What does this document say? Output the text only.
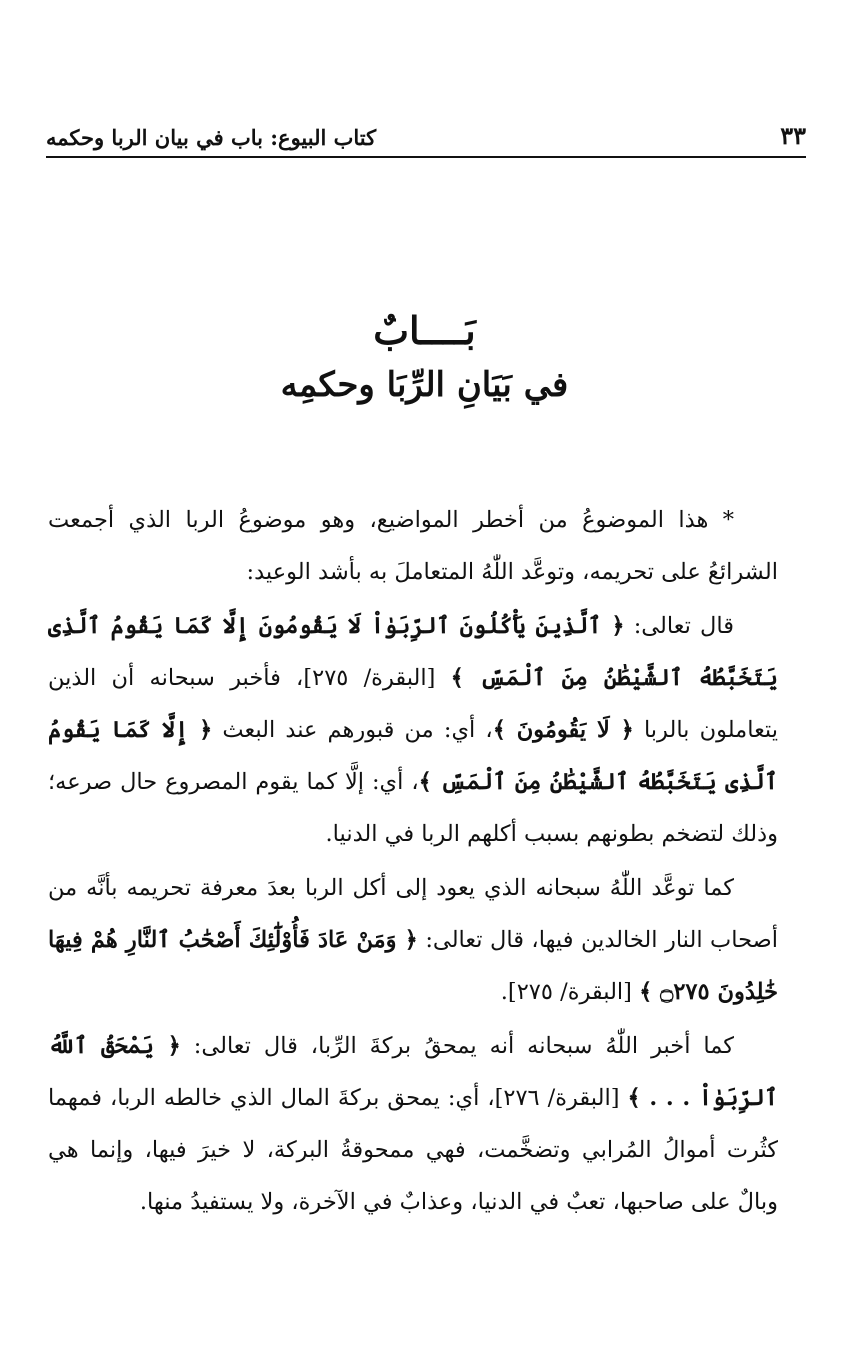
كتاب البيوع: باب في بيان الربا وحكمه	٣٣
بَــــابٌ
في بَيَانِ الرِّبَا وحكمِه

* هذا الموضوعُ من أخطر المواضيع، وهو موضوعُ الربا الذي أجمعت الشرائعُ على تحريمه، وتوعَّد اللّٰهُ المتعاملَ به بأشد الوعيد:

قال تعالى: ﴿ ٱلَّذِينَ يَأْكُلُونَ ٱلرِّبَوٰاْ لَا يَقُومُونَ إِلَّا كَمَا يَقُومُ ٱلَّذِى يَتَخَبَّطُهُ ٱلشَّيْطَٰنُ مِنَ ٱلْمَسِّ ﴾ [البقرة/ ٢٧٥]، فأخبر سبحانه أن الذين يتعاملون بالربا ﴿ لَا يَقُومُونَ ﴾، أي: من قبورهم عند البعث ﴿ إِلَّا كَمَا يَقُومُ ٱلَّذِى يَتَخَبَّطُهُ ٱلشَّيْطَٰنُ مِنَ ٱلْمَسِّ ﴾، أي: إلَّا كما يقوم المصروع حال صرعه؛ وذلك لتضخم بطونهم بسبب أكلهم الربا في الدنيا.

كما توعَّد اللّٰهُ سبحانه الذي يعود إلى أكل الربا بعدَ معرفة تحريمه بأنَّه من أصحاب النار الخالدين فيها، قال تعالى: ﴿ وَمَنْ عَادَ فَأُوْلَٰٓئِكَ أَصْحَٰبُ ٱلنَّارِ هُمْ فِيهَا خَٰلِدُونَ ۝٢٧٥ ﴾ [البقرة/ ٢٧٥].

كما أخبر اللّٰهُ سبحانه أنه يمحقُ بركةَ الرِّبا، قال تعالى: ﴿ يَمْحَقُ ٱللَّهُ ٱلرِّبَوٰاْ . . . ﴾ [البقرة/ ٢٧٦]، أي: يمحق بركةَ المال الذي خالطه الربا، فمهما كثُرت أموالُ المُرابي وتضخَّمت، فهي ممحوقةُ البركة، لا خيرَ فيها، وإنما هي وبالٌ على صاحبها، تعبٌ في الدنيا، وعذابٌ في الآخرة، ولا يستفيدُ منها.
